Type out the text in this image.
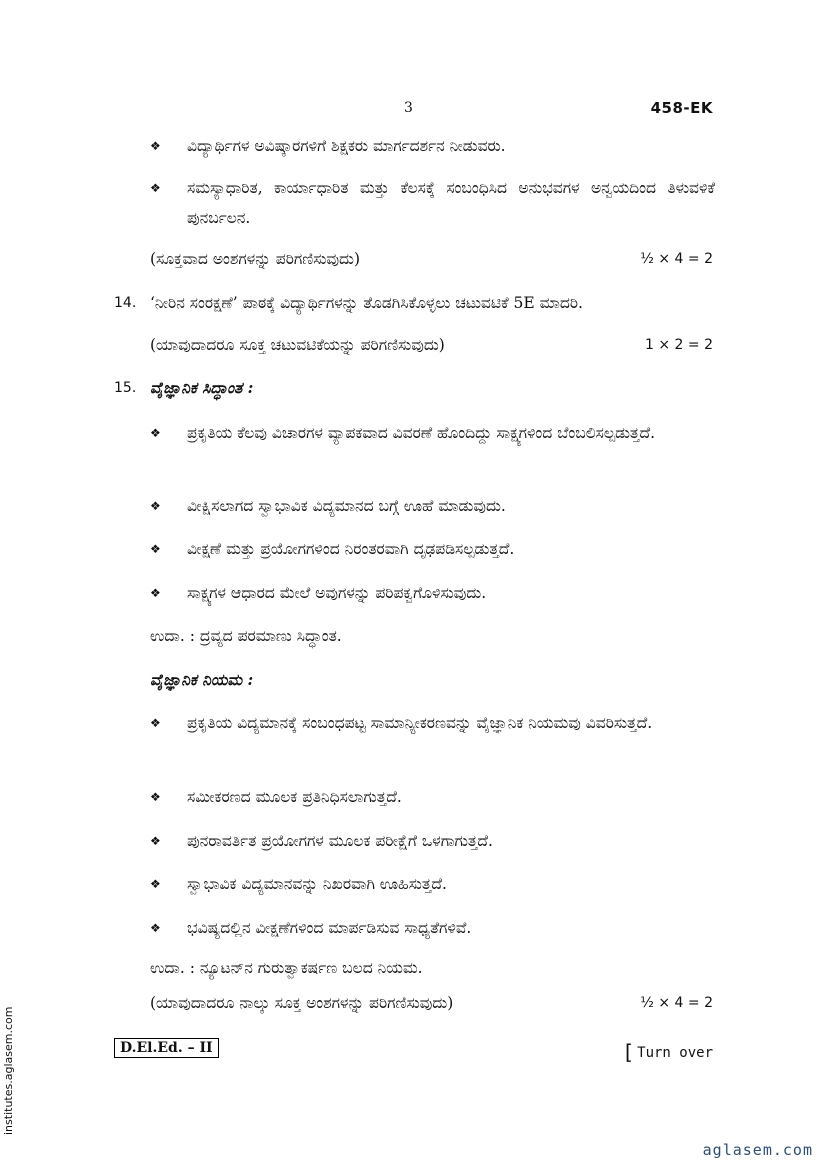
3	458-EK
❖ ವಿದ್ಯಾರ್ಥಿಗಳ ಅವಿಷ್ಕಾರಗಳಿಗೆ ಶಿಕ್ಷಕರು ಮಾರ್ಗದರ್ಶನ ನೀಡುವರು.
❖ ಸಮಸ್ಯಾಧಾರಿತ, ಕಾರ್ಯಾಧಾರಿತ ಮತ್ತು ಕೆಲಸಕ್ಕೆ ಸಂಬಂಧಿಸಿದ ಅನುಭವಗಳ ಅನ್ವಯದಿಂದ ತಿಳುವಳಿಕೆ ಪುನರ್ಬಲನ.
(ಸೂಕ್ತವಾದ ಅಂಶಗಳನ್ನು ಪರಿಗಣಿಸುವುದು)	½ × 4 = 2
14. ‘ನೀರಿನ ಸಂರಕ್ಷಣೆ’ ಪಾಠಕ್ಕೆ ವಿದ್ಯಾರ್ಥಿಗಳನ್ನು ತೊಡಗಿಸಿಕೊಳ್ಳಲು ಚಟುವಟಿಕೆ 5E ಮಾದರಿ.
(ಯಾವುದಾದರೂ ಸೂಕ್ತ ಚಟುವಟಿಕೆಯನ್ನು ಪರಿಗಣಿಸುವುದು)	1 × 2 = 2
15. ವೈಜ್ಞಾನಿಕ ಸಿದ್ಧಾಂತ :
❖ ಪ್ರಕೃತಿಯ ಕೆಲವು ವಿಚಾರಗಳ ವ್ಯಾಪಕವಾದ ವಿವರಣೆ ಹೊಂದಿದ್ದು ಸಾಕ್ಷ್ಯಗಳಿಂದ ಬೆಂಬಲಿಸಲ್ಪಡುತ್ತದೆ.
❖ ವೀಕ್ಷಿಸಲಾಗದ ಸ್ವಾಭಾವಿಕ ವಿದ್ಯಮಾನದ ಬಗ್ಗೆ ಊಹೆ ಮಾಡುವುದು.
❖ ವೀಕ್ಷಣೆ ಮತ್ತು ಪ್ರಯೋಗಗಳಿಂದ ನಿರಂತರವಾಗಿ ದೃಢಪಡಿಸಲ್ಪಡುತ್ತದೆ.
❖ ಸಾಕ್ಷ್ಯಗಳ ಆಧಾರದ ಮೇಲೆ ಅವುಗಳನ್ನು ಪರಿಪಕ್ವಗೊಳಿಸುವುದು.
ಉದಾ. : ದ್ರವ್ಯದ ಪರಮಾಣು ಸಿದ್ಧಾಂತ.
ವೈಜ್ಞಾನಿಕ ನಿಯಮ :
❖ ಪ್ರಕೃತಿಯ ವಿದ್ಯಮಾನಕ್ಕೆ ಸಂಬಂಧಪಟ್ಟ ಸಾಮಾನ್ಯೀಕರಣವನ್ನು ವೈಜ್ಞಾನಿಕ ನಿಯಮವು ವಿವರಿಸುತ್ತದೆ.
❖ ಸಮೀಕರಣದ ಮೂಲಕ ಪ್ರತಿನಿಧಿಸಲಾಗುತ್ತದೆ.
❖ ಪುನರಾವರ್ತಿತ ಪ್ರಯೋಗಗಳ ಮೂಲಕ ಪರೀಕ್ಷೆಗೆ ಒಳಗಾಗುತ್ತದೆ.
❖ ಸ್ವಾಭಾವಿಕ ವಿದ್ಯಮಾನವನ್ನು ನಿಖರವಾಗಿ ಊಹಿಸುತ್ತದೆ.
❖ ಭವಿಷ್ಯದಲ್ಲಿನ ವೀಕ್ಷಣೆಗಳಿಂದ ಮಾರ್ಪಡಿಸುವ ಸಾಧ್ಯತೆಗಳಿವೆ.
ಉದಾ. : ನ್ಯೂಟನ್‌ನ ಗುರುತ್ವಾಕರ್ಷಣ ಬಲದ ನಿಯಮ.
(ಯಾವುದಾದರೂ ನಾಲ್ಕು ಸೂಕ್ತ ಅಂಶಗಳನ್ನು ಪರಿಗಣಿಸುವುದು)	½ × 4 = 2
D.El.Ed. – II	[ Turn over
institutes.aglasem.com
aglasem.com
